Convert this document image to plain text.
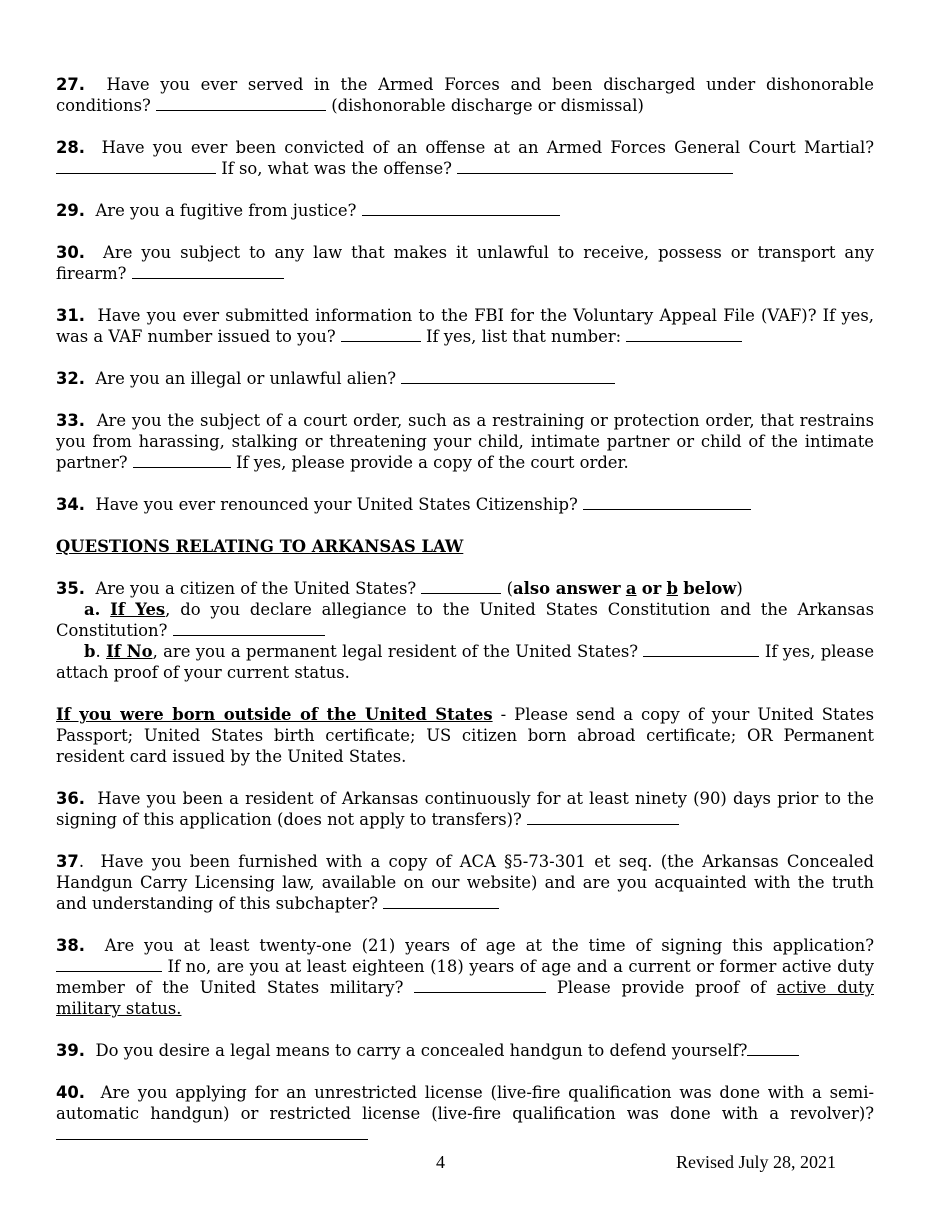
27. Have you ever served in the Armed Forces and been discharged under dishonorable conditions?	(dishonorable discharge or dismissal)

28. Have you ever been convicted of an offense at an Armed Forces General Court Martial?  If so, what was the offense?

29. Are you a fugitive from justice?

30. Are you subject to any law that makes it unlawful to receive, possess or transport any firearm?

31. Have you ever submitted information to the FBI for the Voluntary Appeal File (VAF)? If yes, was a VAF number issued to you?	If yes, list that number:

32. Are you an illegal or unlawful alien?

33. Are you the subject of a court order, such as a restraining or protection order, that restrains you from harassing, stalking or threatening your child, intimate partner or child of the intimate partner?	If yes, please provide a copy of the court order.

34. Have you ever renounced your United States Citizenship?

QUESTIONS RELATING TO ARKANSAS LAW

35. Are you a citizen of the United States?	(also answer a or b below)

a. If Yes, do you declare allegiance to the United States Constitution and the Arkansas Constitution?

b. If No, are you a permanent legal resident of the United States?	If yes, please attach proof of your current status.

If you were born outside of the United States - Please send a copy of your United States Passport; United States birth certificate; US citizen born abroad certificate; OR Permanent resident card issued by the United States.

36. Have you been a resident of Arkansas continuously for at least ninety (90) days prior to the signing of this application (does not apply to transfers)?

37. Have you been furnished with a copy of ACA §5-73-301 et seq. (the Arkansas Concealed Handgun Carry Licensing law, available on our website) and are you acquainted with the truth and understanding of this subchapter?

38. Are you at least twenty-one (21) years of age at the time of signing this application?  If no, are you at least eighteen (18) years of age and a current or former active duty member of the United States military?	Please provide proof of active duty military status.

39. Do you desire a legal means to carry a concealed handgun to defend yourself?

40. Are you applying for an unrestricted license (live-fire qualification was done with a semi-automatic handgun) or restricted license (live-fire qualification was done with a revolver)?

4	Revised July 28, 2021
